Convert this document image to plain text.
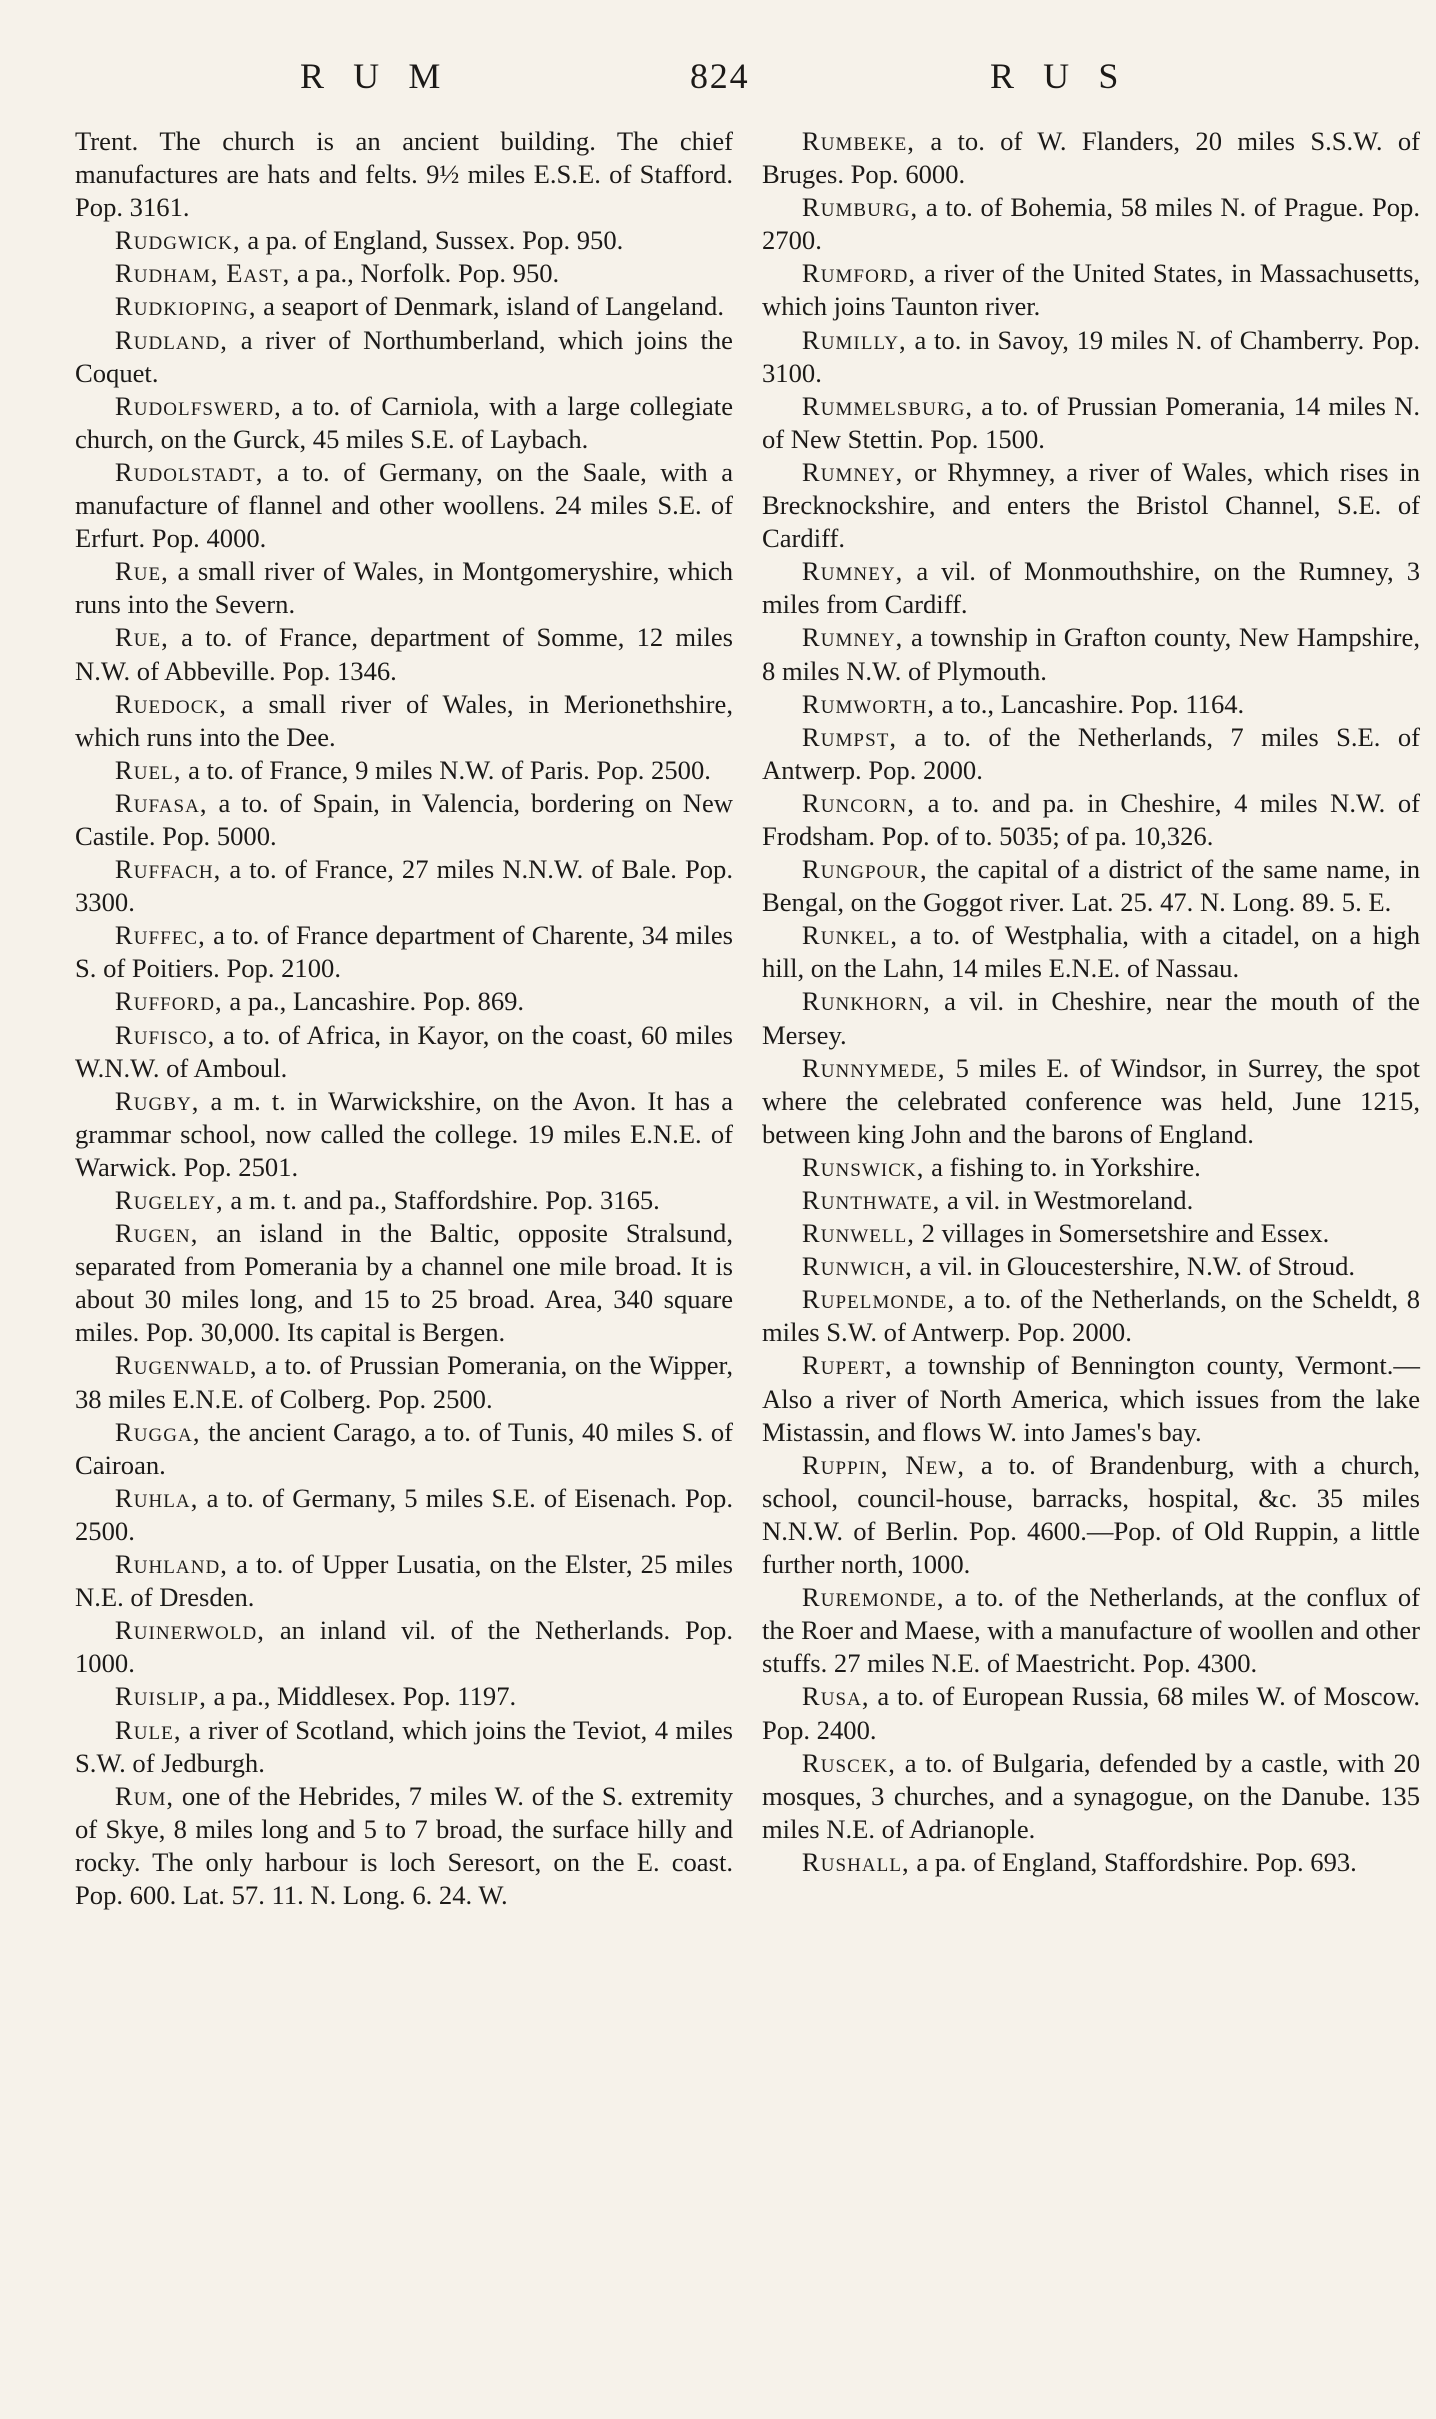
R U M	824	R U S

Trent. The church is an ancient building. The chief manufactures are hats and felts. 9½ miles E.S.E. of Stafford. Pop. 3161.

Rudgwick, a pa. of England, Sussex. Pop. 950.

Rudham, East, a pa., Norfolk. Pop. 950.

Rudkioping, a seaport of Denmark, island of Langeland.

Rudland, a river of Northumberland, which joins the Coquet.

Rudolfswerd, a to. of Carniola, with a large collegiate church, on the Gurck, 45 miles S.E. of Laybach.

Rudolstadt, a to. of Germany, on the Saale, with a manufacture of flannel and other woollens. 24 miles S.E. of Erfurt. Pop. 4000.

Rue, a small river of Wales, in Montgomeryshire, which runs into the Severn.

Rue, a to. of France, department of Somme, 12 miles N.W. of Abbeville. Pop. 1346.

Ruedock, a small river of Wales, in Merionethshire, which runs into the Dee.

Ruel, a to. of France, 9 miles N.W. of Paris. Pop. 2500.

Rufasa, a to. of Spain, in Valencia, bordering on New Castile. Pop. 5000.

Ruffach, a to. of France, 27 miles N.N.W. of Bale. Pop. 3300.

Ruffec, a to. of France department of Charente, 34 miles S. of Poitiers. Pop. 2100.

Rufford, a pa., Lancashire. Pop. 869.

Rufisco, a to. of Africa, in Kayor, on the coast, 60 miles W.N.W. of Amboul.

Rugby, a m. t. in Warwickshire, on the Avon. It has a grammar school, now called the college. 19 miles E.N.E. of Warwick. Pop. 2501.

Rugeley, a m. t. and pa., Staffordshire. Pop. 3165.

Rugen, an island in the Baltic, opposite Stralsund, separated from Pomerania by a channel one mile broad. It is about 30 miles long, and 15 to 25 broad. Area, 340 square miles. Pop. 30,000. Its capital is Bergen.

Rugenwald, a to. of Prussian Pomerania, on the Wipper, 38 miles E.N.E. of Colberg. Pop. 2500.

Rugga, the ancient Carago, a to. of Tunis, 40 miles S. of Cairoan.

Ruhla, a to. of Germany, 5 miles S.E. of Eisenach. Pop. 2500.

Ruhland, a to. of Upper Lusatia, on the Elster, 25 miles N.E. of Dresden.

Ruinerwold, an inland vil. of the Netherlands. Pop. 1000.

Ruislip, a pa., Middlesex. Pop. 1197.

Rule, a river of Scotland, which joins the Teviot, 4 miles S.W. of Jedburgh.

Rum, one of the Hebrides, 7 miles W. of the S. extremity of Skye, 8 miles long and 5 to 7 broad, the surface hilly and rocky. The only harbour is loch Seresort, on the E. coast. Pop. 600. Lat. 57. 11. N. Long. 6. 24. W.

Rumbeke, a to. of W. Flanders, 20 miles S.S.W. of Bruges. Pop. 6000.

Rumburg, a to. of Bohemia, 58 miles N. of Prague. Pop. 2700.

Rumford, a river of the United States, in Massachusetts, which joins Taunton river.

Rumilly, a to. in Savoy, 19 miles N. of Chamberry. Pop. 3100.

Rummelsburg, a to. of Prussian Pomerania, 14 miles N. of New Stettin. Pop. 1500.

Rumney, or Rhymney, a river of Wales, which rises in Brecknockshire, and enters the Bristol Channel, S.E. of Cardiff.

Rumney, a vil. of Monmouthshire, on the Rumney, 3 miles from Cardiff.

Rumney, a township in Grafton county, New Hampshire, 8 miles N.W. of Plymouth.

Rumworth, a to., Lancashire. Pop. 1164.

Rumpst, a to. of the Netherlands, 7 miles S.E. of Antwerp. Pop. 2000.

Runcorn, a to. and pa. in Cheshire, 4 miles N.W. of Frodsham. Pop. of to. 5035; of pa. 10,326.

Rungpour, the capital of a district of the same name, in Bengal, on the Goggot river. Lat. 25. 47. N. Long. 89. 5. E.

Runkel, a to. of Westphalia, with a citadel, on a high hill, on the Lahn, 14 miles E.N.E. of Nassau.

Runkhorn, a vil. in Cheshire, near the mouth of the Mersey.

Runnymede, 5 miles E. of Windsor, in Surrey, the spot where the celebrated conference was held, June 1215, between king John and the barons of England.

Runswick, a fishing to. in Yorkshire.

Runthwate, a vil. in Westmoreland.

Runwell, 2 villages in Somersetshire and Essex.

Runwich, a vil. in Gloucestershire, N.W. of Stroud.

Rupelmonde, a to. of the Netherlands, on the Scheldt, 8 miles S.W. of Antwerp. Pop. 2000.

Rupert, a township of Bennington county, Vermont.—Also a river of North America, which issues from the lake Mistassin, and flows W. into James's bay.

Ruppin, New, a to. of Brandenburg, with a church, school, council-house, barracks, hospital, &c. 35 miles N.N.W. of Berlin. Pop. 4600.—Pop. of Old Ruppin, a little further north, 1000.

Ruremonde, a to. of the Netherlands, at the conflux of the Roer and Maese, with a manufacture of woollen and other stuffs. 27 miles N.E. of Maestricht. Pop. 4300.

Rusa, a to. of European Russia, 68 miles W. of Moscow. Pop. 2400.

Ruscek, a to. of Bulgaria, defended by a castle, with 20 mosques, 3 churches, and a synagogue, on the Danube. 135 miles N.E. of Adrianople.

Rushall, a pa. of England, Staffordshire. Pop. 693.
